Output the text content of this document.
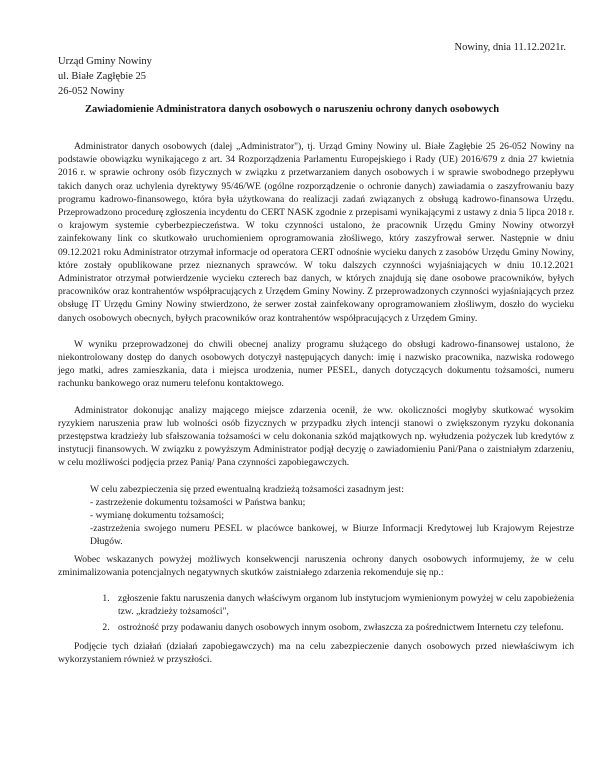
Urząd Gminy Nowiny
ul. Białe Zagłębie 25
26-052 Nowiny
Nowiny, dnia 11.12.2021r.
Zawiadomienie Administratora danych osobowych o naruszeniu ochrony danych osobowych

Administrator danych osobowych (dalej „Administrator"), tj. Urząd Gminy Nowiny ul. Białe Zagłębie 25 26-052 Nowiny na podstawie obowiązku wynikającego z art. 34 Rozporządzenia Parlamentu Europejskiego i Rady (UE) 2016/679 z dnia 27 kwietnia 2016 r. w sprawie ochrony osób fizycznych w związku z przetwarzaniem danych osobowych i w sprawie swobodnego przepływu takich danych oraz uchylenia dyrektywy 95/46/WE (ogólne rozporządzenie o ochronie danych) zawiadamia o zaszyfrowaniu bazy programu kadrowo-finansowego, która była użytkowana do realizacji zadań związanych z obsługą kadrowo-finansowa Urzędu. Przeprowadzono procedurę zgłoszenia incydentu do CERT NASK zgodnie z przepisami wynikającymi z ustawy z dnia 5 lipca 2018 r. o krajowym systemie cyberbezpieczeństwa. W toku czynności ustalono, że pracownik Urzędu Gminy Nowiny otworzył zainfekowany link co skutkowało uruchomieniem oprogramowania złośliwego, który zaszyfrował serwer. Następnie w dniu 09.12.2021 roku Administrator otrzymał informacje od operatora CERT odnośnie wycieku danych z zasobów Urzędu Gminy Nowiny, które zostały opublikowane przez nieznanych sprawców. W toku dalszych czynności wyjaśniających w dniu 10.12.2021 Administrator otrzymał potwierdzenie wycieku czterech baz danych, w których znajdują się dane osobowe pracowników, byłych pracowników oraz kontrahentów współpracujących z Urzędem Gminy Nowiny. Z przeprowadzonych czynności wyjaśniających przez obsługę IT Urzędu Gminy Nowiny stwierdzono, że serwer został zainfekowany oprogramowaniem złośliwym, doszło do wycieku danych osobowych obecnych, byłych pracowników oraz kontrahentów współpracujących z Urzędem Gminy.

W wyniku przeprowadzonej do chwili obecnej analizy programu służącego do obsługi kadrowo-finansowej ustalono, że niekontrolowany dostęp do danych osobowych dotyczył następujących danych: imię i nazwisko pracownika, nazwiska rodowego jego matki, adres zamieszkania, data i miejsca urodzenia, numer PESEL, danych dotyczących dokumentu tożsamości, numeru rachunku bankowego oraz numeru telefonu kontaktowego.

Administrator dokonując analizy mającego miejsce zdarzenia ocenił, że ww. okoliczności mogłyby skutkować wysokim ryzykiem naruszenia praw lub wolności osób fizycznych w przypadku złych intencji stanowi o zwiększonym ryzyku dokonania przestępstwa kradzieży lub sfałszowania tożsamości w celu dokonania szkód majątkowych np. wyłudzenia pożyczek lub kredytów z instytucji finansowych. W związku z powyższym Administrator podjął decyzję o zawiadomieniu Pani/Pana o zaistniałym zdarzeniu, w celu możliwości podjęcia przez Panią/ Pana czynności zapobiegawczych.

W celu zabezpieczenia się przed ewentualną kradzieżą tożsamości zasadnym jest:

- zastrzeżenie dokumentu tożsamości w Państwa banku;
- wymianę dokumentu tożsamości;
-zastrzeżenia swojego numeru PESEL w placówce bankowej, w Biurze Informacji Kredytowej lub Krajowym Rejestrze Długów.

Wobec wskazanych powyżej możliwych konsekwencji naruszenia ochrony danych osobowych informujemy, że w celu zminimalizowania potencjalnych negatywnych skutków zaistniałego zdarzenia rekomenduje się np.:

1. zgłoszenie faktu naruszenia danych właściwym organom lub instytucjom wymienionym powyżej w celu zapobieżenia tzw. „kradzieży tożsamości",
2. ostrożność przy podawaniu danych osobowych innym osobom, zwłaszcza za pośrednictwem Internetu czy telefonu.

Podjęcie tych działań (działań zapobiegawczych) ma na celu zabezpieczenie danych osobowych przed niewłaściwym ich wykorzystaniem również w przyszłości.
